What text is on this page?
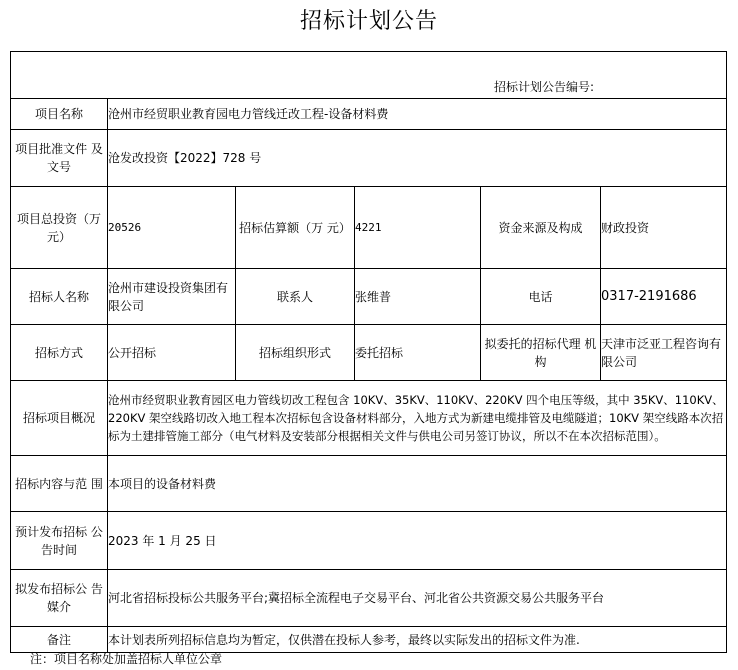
招标计划公告
招标计划公告编号:					

项目名称	沧州市经贸职业教育园电力管线迁改工程-设备材料费				
项目批准文件 及文号	沧发改投资【2022】728 号				
项目总投资（万元）	20526	招标估算额（万 元）	4221	资金来源及构成	财政投资
招标人名称	沧州市建设投资集团有限公司	联系人	张维普	电话	0317-2191686
招标方式	公开招标	招标组织形式	委托招标	拟委托的招标代理 机构	天津市泛亚工程咨询有限公司
招标项目概况	沧州市经贸职业教育园区电力管线切改工程包含 10KV、35KV、110KV、220KV 四个电压等级，其中 35KV、110KV、220KV 架空线路切改入地工程本次招标包含设备材料部分，入地方式为新建电缆排管及电缆隧道；10KV 架空线路本次招标为土建排管施工部分（电气材料及安装部分根据相关文件与供电公司另签订协议，所以不在本次招标范围）。				
招标内容与范 围	本项目的设备材料费				
预计发布招标 公告时间	2023 年 1 月 25 日				
拟发布招标公 告媒介	河北省招标投标公共服务平台;冀招标全流程电子交易平台、河北省公共资源交易公共服务平台				
备注	本计划表所列招标信息均为暂定，仅供潜在投标人参考，最终以实际发出的招标文件为准.				
注：项目名称处加盖招标人单位公章
